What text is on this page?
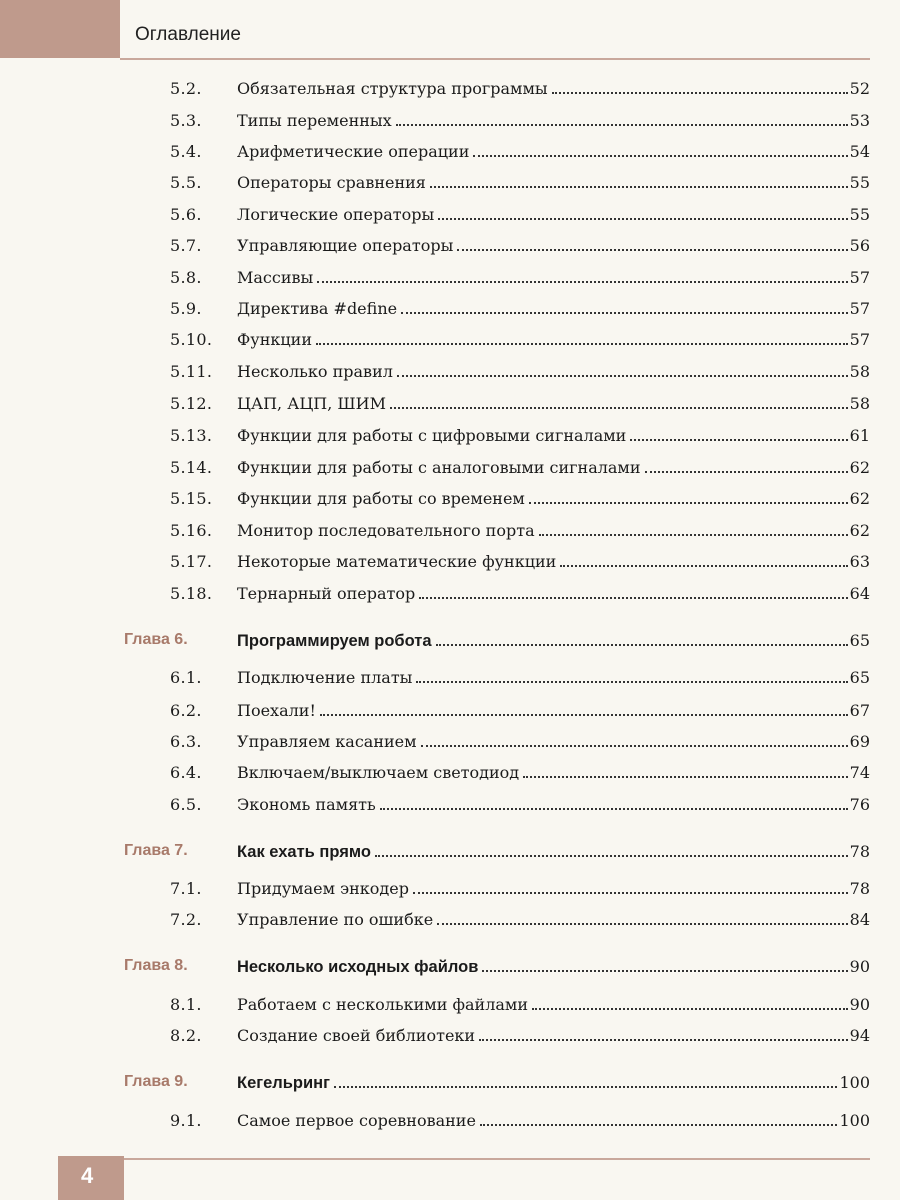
Оглавление
5.2.	Обязательная структура программы	52
5.3.	Типы переменных	53
5.4.	Арифметические операции	54
5.5.	Операторы сравнения	55
5.6.	Логические операторы	55
5.7.	Управляющие операторы	56
5.8.	Массивы	57
5.9.	Директива #define	57
5.10.	Функции	57
5.11.	Несколько правил	58
5.12.	ЦАП, АЦП, ШИМ	58
5.13.	Функции для работы с цифровыми сигналами	61
5.14.	Функции для работы с аналоговыми сигналами	62
5.15.	Функции для работы со временем	62
5.16.	Монитор последовательного порта	62
5.17.	Некоторые математические функции	63
5.18.	Тернарный оператор	64
Глава 6.	Программируем робота	65
6.1.	Подключение платы	65
6.2.	Поехали!	67
6.3.	Управляем касанием	69
6.4.	Включаем/выключаем светодиод	74
6.5.	Экономь память	76
Глава 7.	Как ехать прямо	78
7.1.	Придумаем энкодер	78
7.2.	Управление по ошибке	84
Глава 8.	Несколько исходных файлов	90
8.1.	Работаем с несколькими файлами	90
8.2.	Создание своей библиотеки	94
Глава 9.	Кегельринг	100
9.1.	Самое первое соревнование	100
4
